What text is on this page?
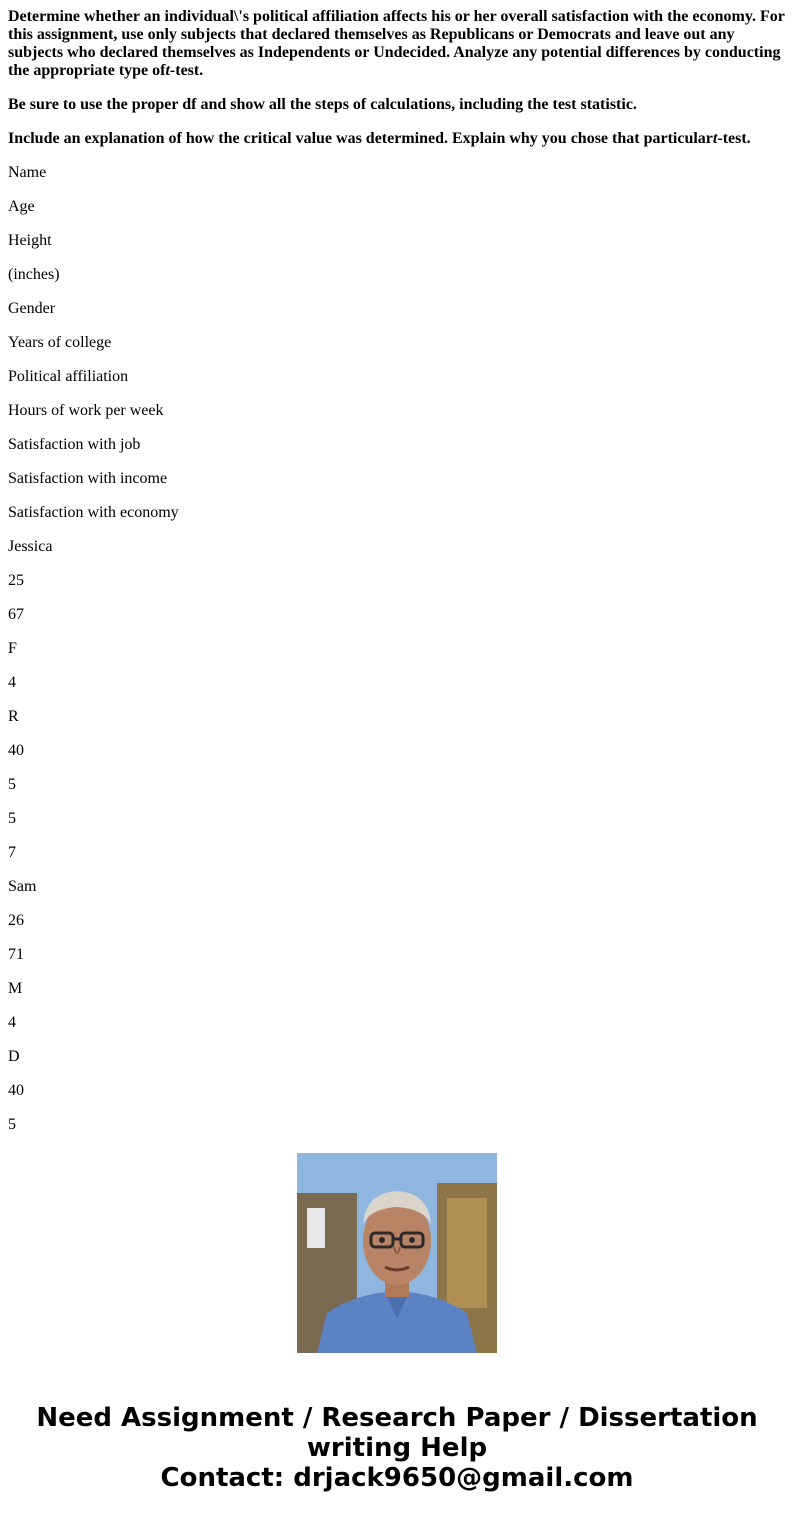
Determine whether an individual\'s political affiliation affects his or her overall satisfaction with the economy. For this assignment, use only subjects that declared themselves as Republicans or Democrats and leave out any subjects who declared themselves as Independents or Undecided. Analyze any potential differences by conducting the appropriate type oft-test.

Be sure to use the proper df and show all the steps of calculations, including the test statistic.

Include an explanation of how the critical value was determined. Explain why you chose that particulart-test.

Name

Age

Height

(inches)

Gender

Years of college

Political affiliation

Hours of work per week

Satisfaction with job

Satisfaction with income

Satisfaction with economy

Jessica

25

67

F

4

R

40

5

5

7

Sam

26

71

M

4

D

40

5

Need Assignment / Research Paper / Dissertation
writing Help
Contact: drjack9650@gmail.com
